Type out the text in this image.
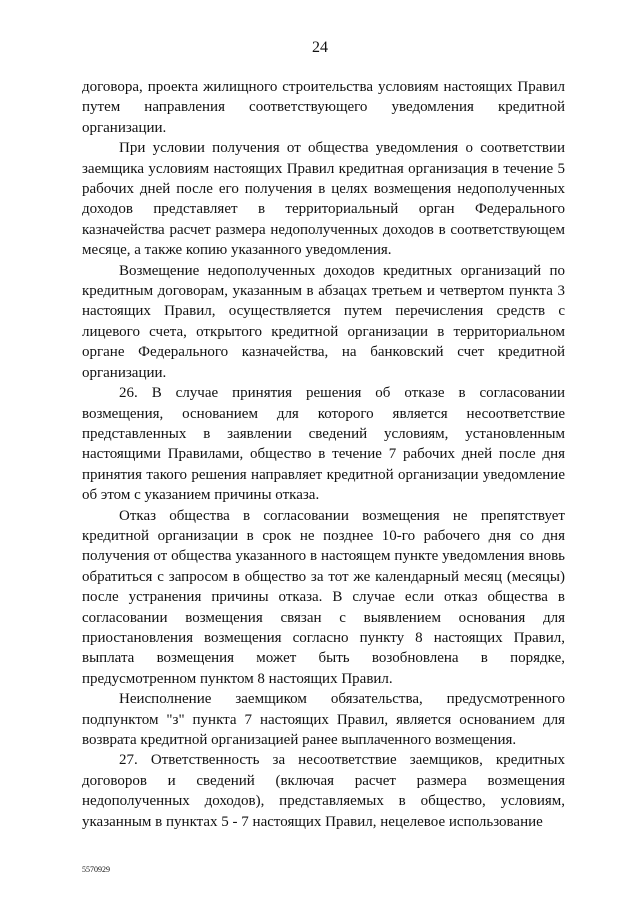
24

договора, проекта жилищного строительства условиям настоящих Правил путем направления соответствующего уведомления кредитной организации.

При условии получения от общества уведомления о соответствии заемщика условиям настоящих Правил кредитная организация в течение 5 рабочих дней после его получения в целях возмещения недополученных доходов представляет в территориальный орган Федерального казначейства расчет размера недополученных доходов в соответствующем месяце, а также копию указанного уведомления.

Возмещение недополученных доходов кредитных организаций по кредитным договорам, указанным в абзацах третьем и четвертом пункта 3 настоящих Правил, осуществляется путем перечисления средств с лицевого счета, открытого кредитной организации в территориальном органе Федерального казначейства, на банковский счет кредитной организации.

26. В случае принятия решения об отказе в согласовании возмещения, основанием для которого является несоответствие представленных в заявлении сведений условиям, установленным настоящими Правилами, общество в течение 7 рабочих дней после дня принятия такого решения направляет кредитной организации уведомление об этом с указанием причины отказа.

Отказ общества в согласовании возмещения не препятствует кредитной организации в срок не позднее 10-го рабочего дня со дня получения от общества указанного в настоящем пункте уведомления вновь обратиться с запросом в общество за тот же календарный месяц (месяцы) после устранения причины отказа. В случае если отказ общества в согласовании возмещения связан с выявлением основания для приостановления возмещения согласно пункту 8 настоящих Правил, выплата возмещения может быть возобновлена в порядке, предусмотренном пунктом 8 настоящих Правил.

Неисполнение заемщиком обязательства, предусмотренного подпунктом "з" пункта 7 настоящих Правил, является основанием для возврата кредитной организацией ранее выплаченного возмещения.

27. Ответственность за несоответствие заемщиков, кредитных договоров и сведений (включая расчет размера возмещения недополученных доходов), представляемых в общество, условиям, указанным в пунктах 5 - 7 настоящих Правил, нецелевое использование

5570929
